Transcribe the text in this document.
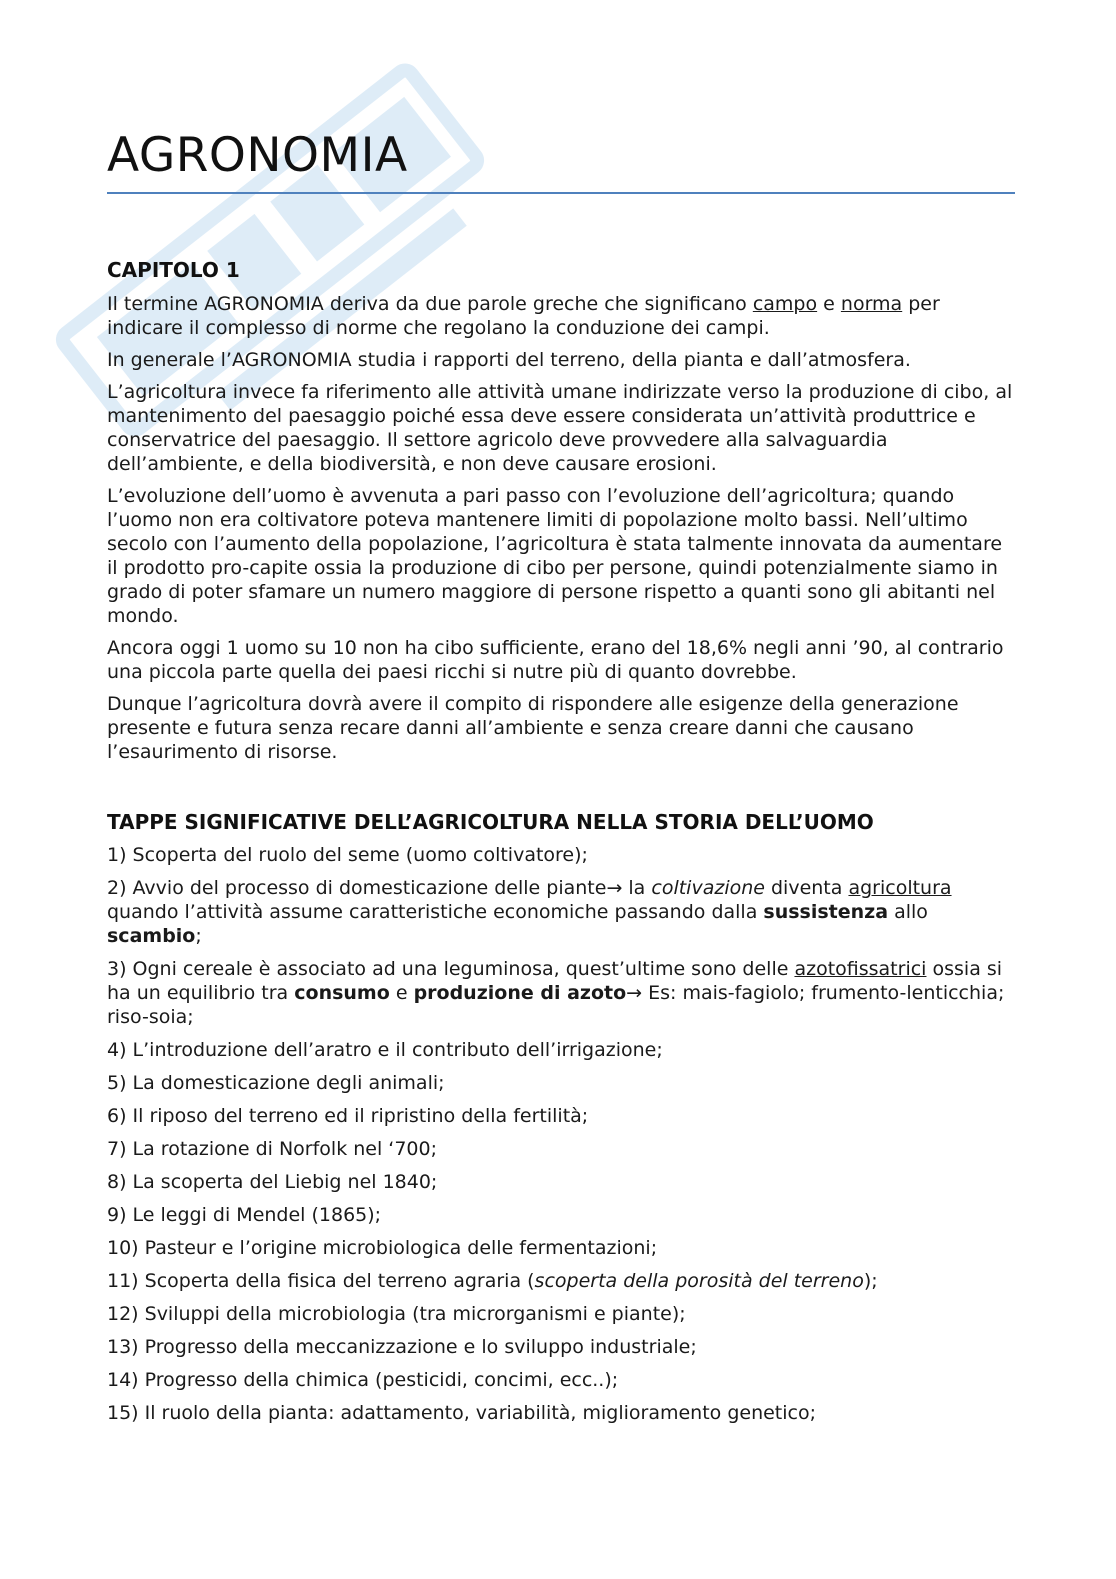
AGRONOMIA
CAPITOLO 1

Il termine AGRONOMIA deriva da due parole greche che significano campo e norma per indicare il complesso di norme che regolano la conduzione dei campi.

In generale l’AGRONOMIA studia i rapporti del terreno, della pianta e dall’atmosfera.

L’agricoltura invece fa riferimento alle attività umane indirizzate verso la produzione di cibo, al mantenimento del paesaggio poiché essa deve essere considerata un’attività produttrice e conservatrice del paesaggio. Il settore agricolo deve provvedere alla salvaguardia dell’ambiente, e della biodiversità, e non deve causare erosioni.

L’evoluzione dell’uomo è avvenuta a pari passo con l’evoluzione dell’agricoltura; quando l’uomo non era coltivatore poteva mantenere limiti di popolazione molto bassi. Nell’ultimo secolo con l’aumento della popolazione, l’agricoltura è stata talmente innovata da aumentare il prodotto pro-capite ossia la produzione di cibo per persone, quindi potenzialmente siamo in grado di poter sfamare un numero maggiore di persone rispetto a quanti sono gli abitanti nel mondo.

Ancora oggi 1 uomo su 10 non ha cibo sufficiente, erano del 18,6% negli anni ’90, al contrario una piccola parte quella dei paesi ricchi si nutre più di quanto dovrebbe.

Dunque l’agricoltura dovrà avere il compito di rispondere alle esigenze della generazione presente e futura senza recare danni all’ambiente e senza creare danni che causano l’esaurimento di risorse.

TAPPE SIGNIFICATIVE DELL’AGRICOLTURA NELLA STORIA DELL’UOMO

1) Scoperta del ruolo del seme (uomo coltivatore);

2) Avvio del processo di domesticazione delle piante→ la coltivazione diventa agricoltura quando l’attività assume caratteristiche economiche passando dalla sussistenza allo scambio;

3) Ogni cereale è associato ad una leguminosa, quest’ultime sono delle azotofissatrici ossia si ha un equilibrio tra consumo e produzione di azoto→ Es: mais-fagiolo; frumento-lenticchia; riso-soia;

4) L’introduzione dell’aratro e il contributo dell’irrigazione;

5) La domesticazione degli animali;

6) Il riposo del terreno ed il ripristino della fertilità;

7) La rotazione di Norfolk nel ‘700;

8) La scoperta del Liebig nel 1840;

9) Le leggi di Mendel (1865);

10) Pasteur e l’origine microbiologica delle fermentazioni;

11) Scoperta della fisica del terreno agraria (scoperta della porosità del terreno);

12) Sviluppi della microbiologia (tra microrganismi e piante);

13) Progresso della meccanizzazione e lo sviluppo industriale;

14) Progresso della chimica (pesticidi, concimi, ecc..);

15) Il ruolo della pianta: adattamento, variabilità, miglioramento genetico;
